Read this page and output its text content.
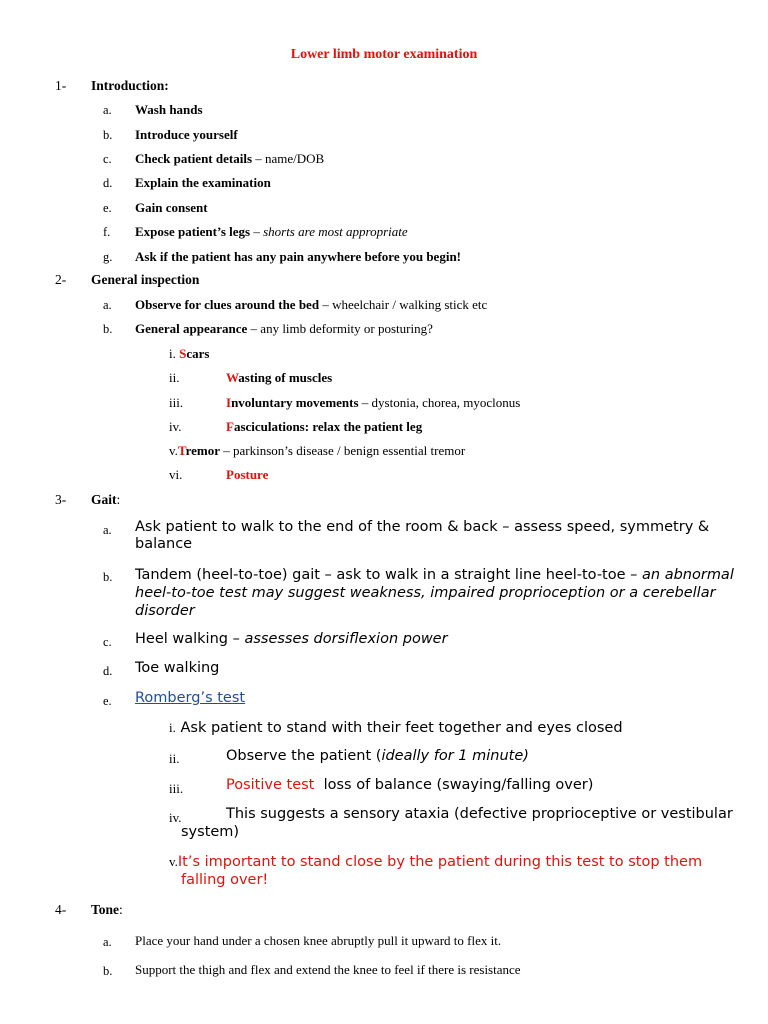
Lower limb motor examination
1- Introduction:
a. Wash hands
b. Introduce yourself
c. Check patient details – name/DOB
d. Explain the examination
e. Gain consent
f. Expose patient’s legs – shorts are most appropriate
g. Ask if the patient has any pain anywhere before you begin!
2- General inspection
a. Observe for clues around the bed – wheelchair / walking stick etc
b. General appearance – any limb deformity or posturing?
i. Scars
ii.	Wasting of muscles
iii.	Involuntary movements – dystonia, chorea, myoclonus
iv.	Fasciculations: relax the patient leg
v.Tremor – parkinson’s disease / benign essential tremor
vi.	Posture
3- Gait:
a. Ask patient to walk to the end of the room & back – assess speed, symmetry &
balance
b. Tandem (heel-to-toe) gait – ask to walk in a straight line heel-to-toe – an abnormal
heel-to-toe test may suggest weakness, impaired proprioception or a cerebellar
disorder
c. Heel walking – assesses dorsiflexion power
d. Toe walking
e. Romberg’s test
i. Ask patient to stand with their feet together and eyes closed
ii.	Observe the patient (ideally for 1 minute)
iii.	Positive test  loss of balance (swaying/falling over)
iv.	This suggests a sensory ataxia (defective proprioceptive or vestibular
system)
v.It’s important to stand close by the patient during this test to stop them
falling over!
4- Tone:
a. Place your hand under a chosen knee abruptly pull it upward to flex it.
b. Support the thigh and flex and extend the knee to feel if there is resistance
